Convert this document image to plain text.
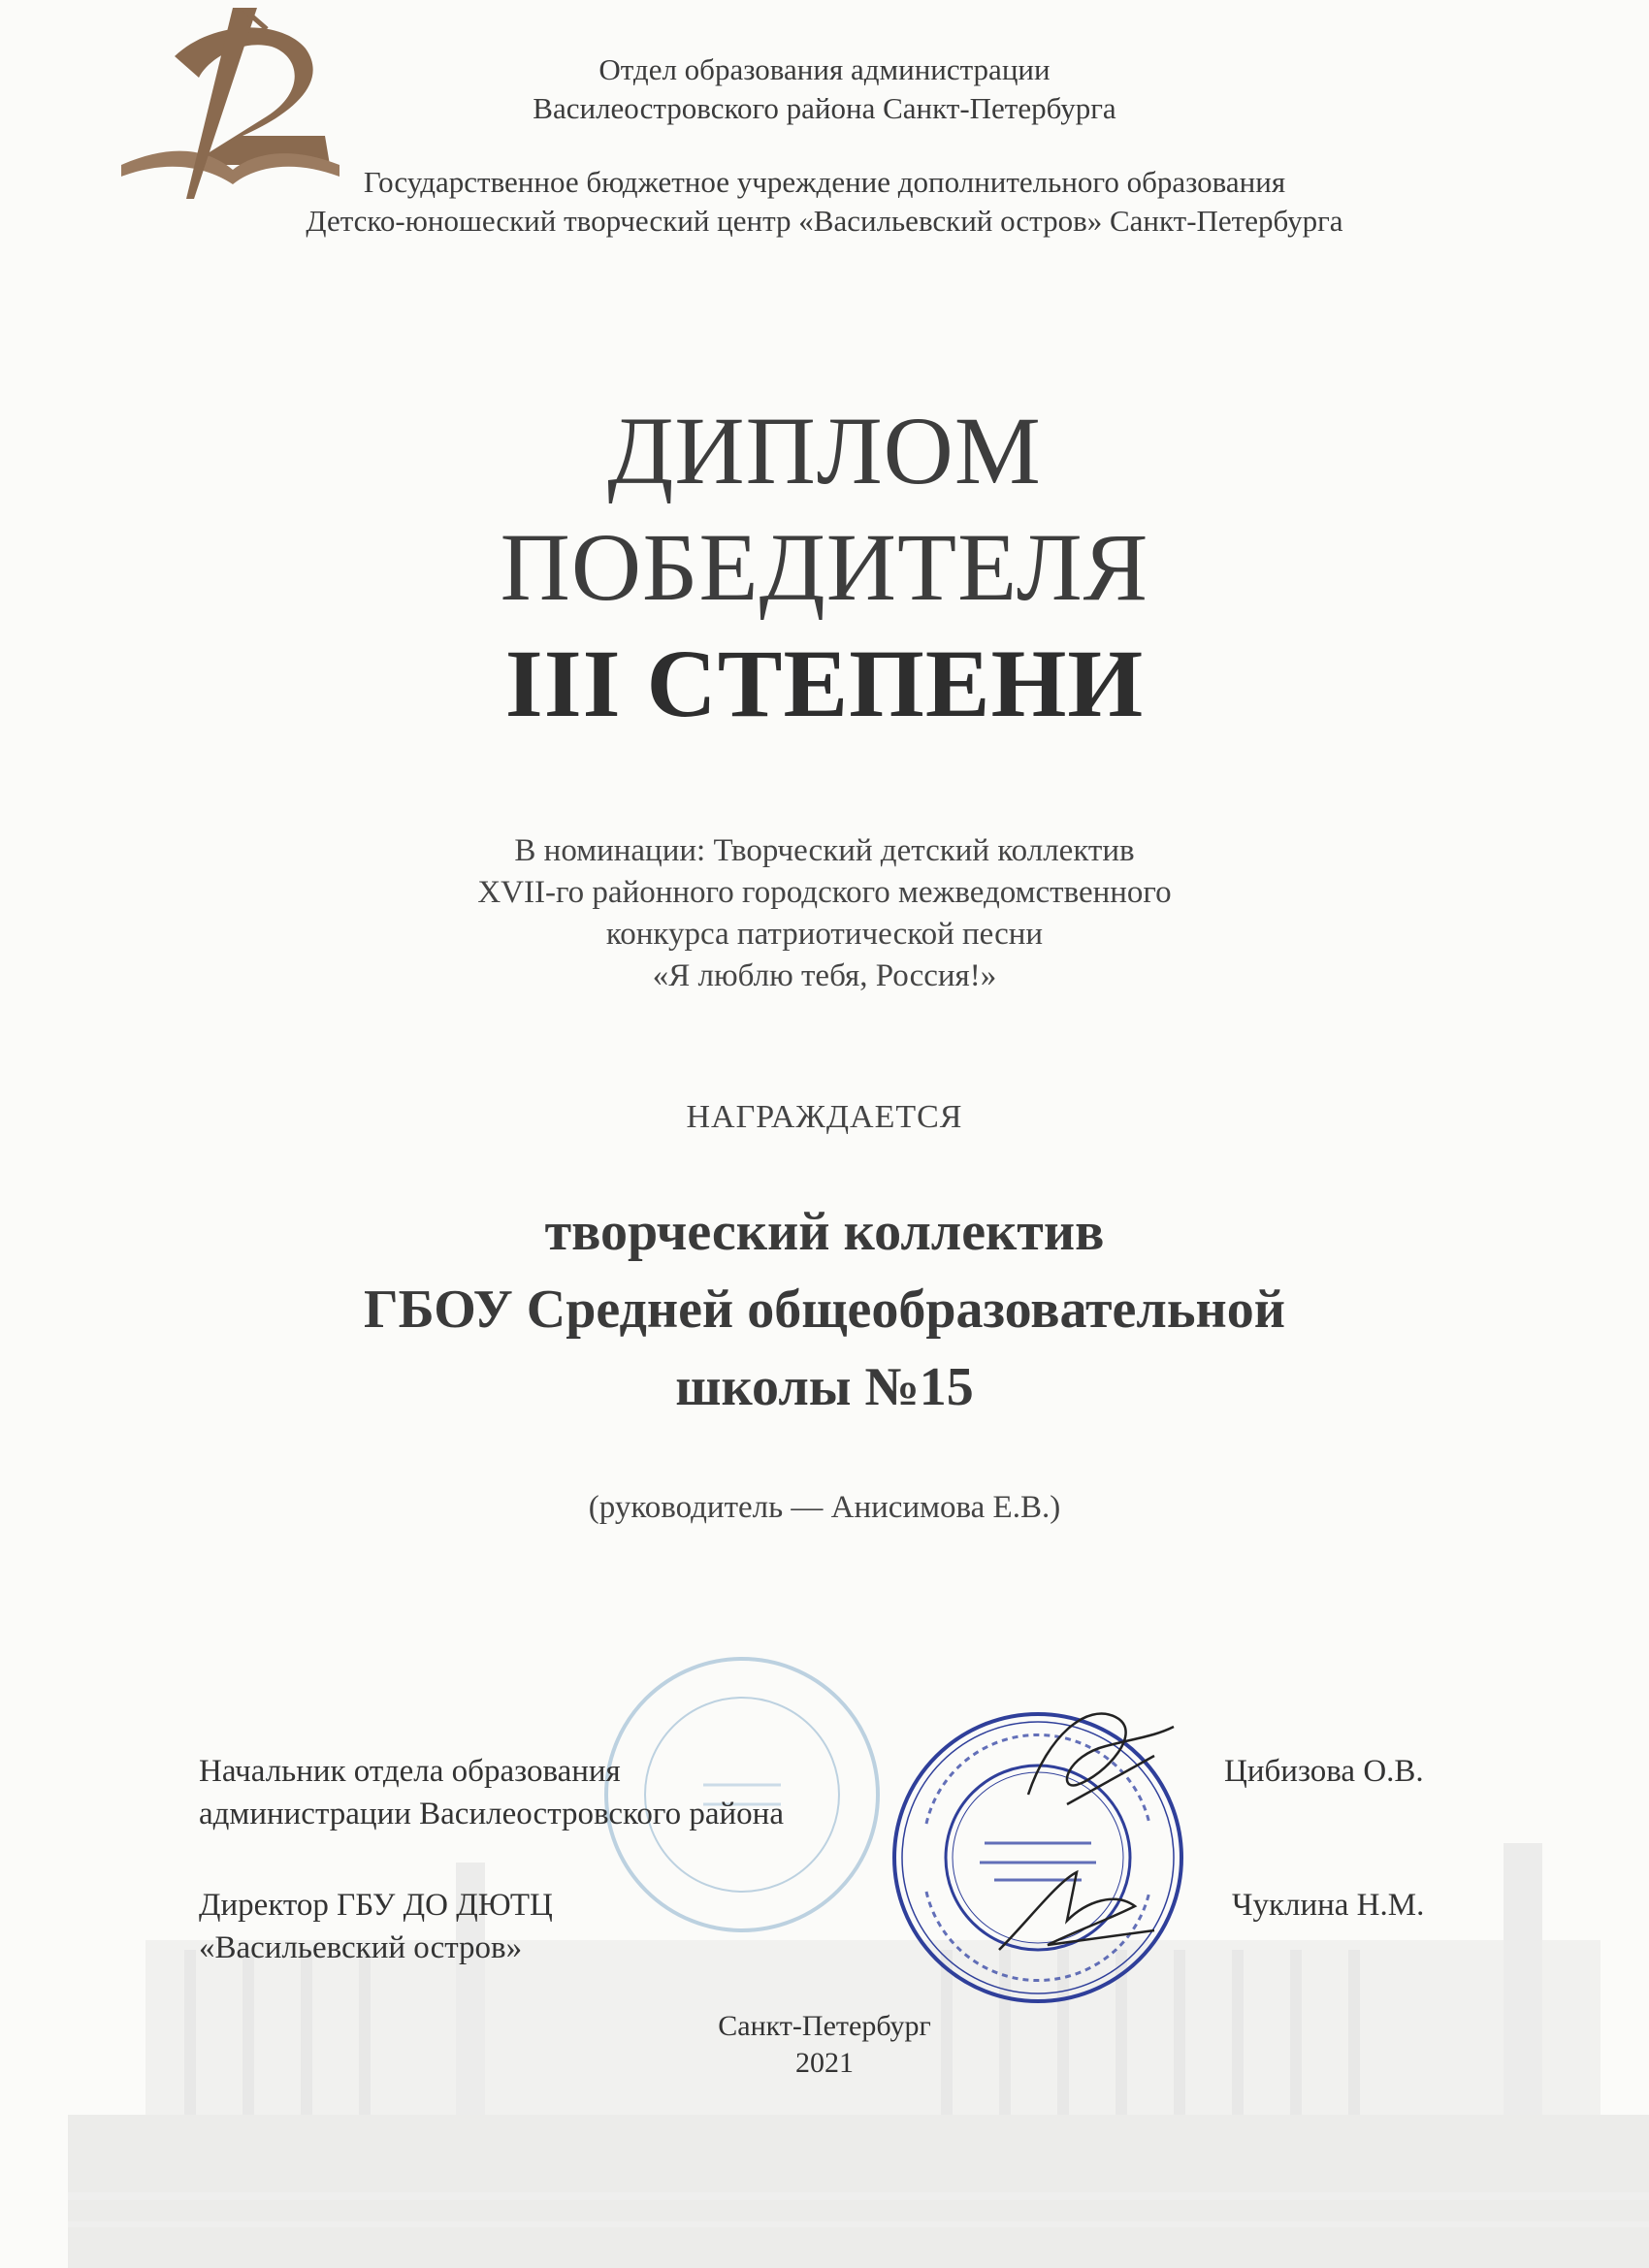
Отдел образования администрации
Василеостровского района Санкт-Петербурга
Государственное бюджетное учреждение дополнительного образования
Детско-юношеский творческий центр «Васильевский остров» Санкт-Петербурга
ДИПЛОМ
ПОБЕДИТЕЛЯ
III СТЕПЕНИ
В номинации: Творческий детский коллектив
XVII-го районного городского межведомственного
конкурса патриотической песни
«Я люблю тебя, Россия!»
НАГРАЖДАЕТСЯ
творческий коллектив
ГБОУ Средней общеобразовательной
школы №15
(руководитель — Анисимова Е.В.)
Начальник отдела образования
администрации Василеостровского района
Цибизова О.В.
Директор ГБУ ДО ДЮТЦ
«Васильевский остров»
Чуклина Н.М.
Санкт-Петербург
2021
